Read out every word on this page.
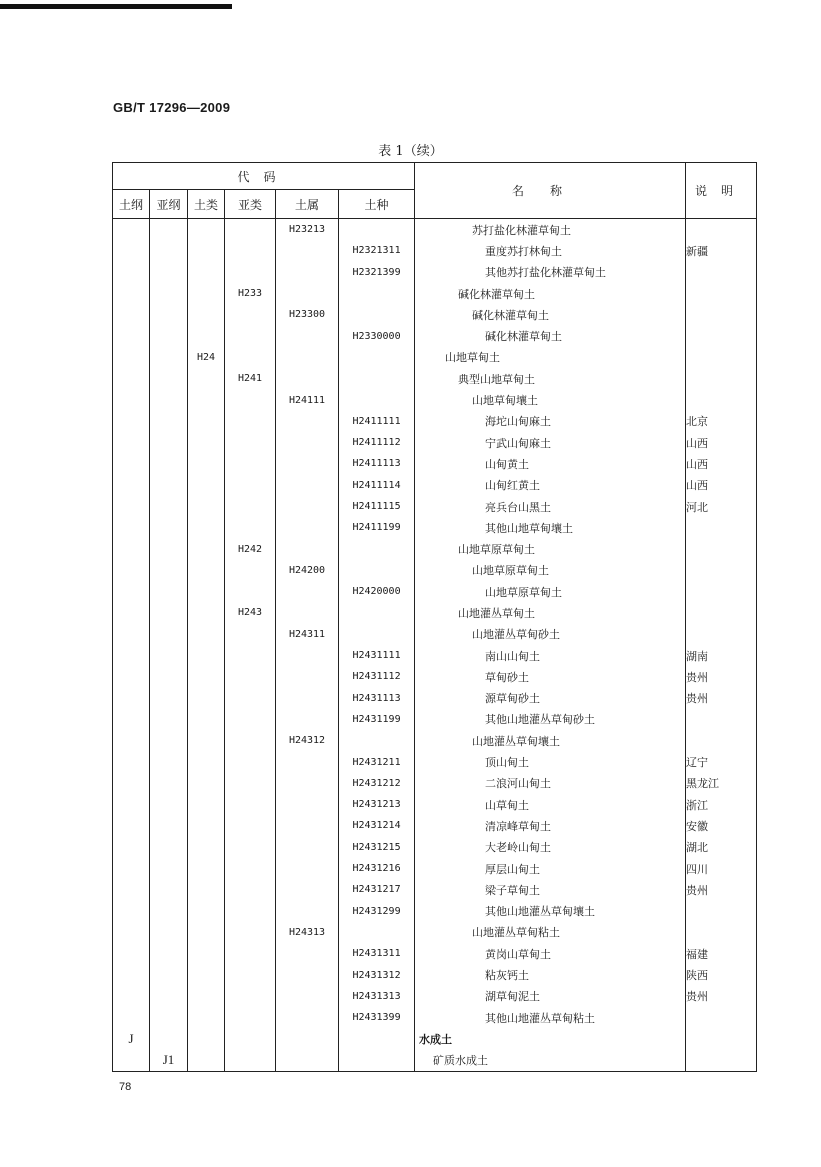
GB/T 17296—2009
表 1（续）
代码						名称	说明
土纲	亚纲	土类	亚类	土属	土种		
				H23213		苏打盐化林灌草甸土	
					H2321311	重度苏打林甸土	新疆
					H2321399	其他苏打盐化林灌草甸土	
			H233			碱化林灌草甸土	
				H23300		碱化林灌草甸土	
					H2330000	碱化林灌草甸土	
		H24				山地草甸土	
			H241			典型山地草甸土	
				H24111		山地草甸壤土	
					H2411111	海坨山甸麻土	北京
					H2411112	宁武山甸麻土	山西
					H2411113	山甸黄土	山西
					H2411114	山甸红黄土	山西
					H2411115	亮兵台山黑土	河北
					H2411199	其他山地草甸壤土	
			H242			山地草原草甸土	
				H24200		山地草原草甸土	
					H2420000	山地草原草甸土	
			H243			山地灌丛草甸土	
				H24311		山地灌丛草甸砂土	
					H2431111	南山山甸土	湖南
					H2431112	草甸砂土	贵州
					H2431113	源草甸砂土	贵州
					H2431199	其他山地灌丛草甸砂土	
				H24312		山地灌丛草甸壤土	
					H2431211	顶山甸土	辽宁
					H2431212	二浪河山甸土	黑龙江
					H2431213	山草甸土	浙江
					H2431214	清凉峰草甸土	安徽
					H2431215	大老岭山甸土	湖北
					H2431216	厚层山甸土	四川
					H2431217	梁子草甸土	贵州
					H2431299	其他山地灌丛草甸壤土	
				H24313		山地灌丛草甸粘土	
					H2431311	黄岗山草甸土	福建
					H2431312	粘灰钙土	陕西
					H2431313	湖草甸泥土	贵州
					H2431399	其他山地灌丛草甸粘土	
J						水成土	
	J1					矿质水成土	
78
